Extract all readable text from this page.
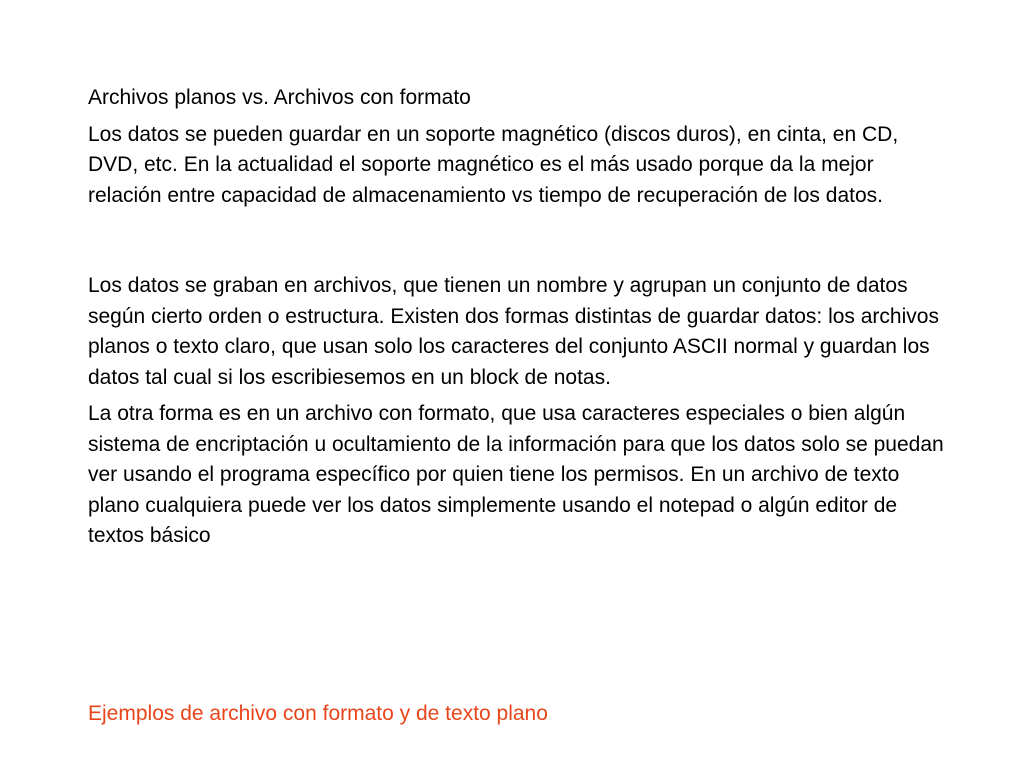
Archivos planos vs. Archivos con formato

Los datos se pueden guardar en un soporte magnético (discos duros), en cinta, en CD, DVD, etc. En la actualidad el soporte magnético es el más usado porque da la mejor relación entre capacidad de almacenamiento vs tiempo de recuperación de los datos.

Los datos se graban en archivos, que tienen un nombre y agrupan un conjunto de datos según cierto orden o estructura. Existen dos formas distintas de guardar datos: los archivos planos o texto claro, que usan solo los caracteres del conjunto ASCII normal y guardan los datos tal cual si los escribiesemos en un block de notas.

La otra forma es en un archivo con formato, que usa caracteres especiales o bien algún sistema de encriptación u ocultamiento de la información para que los datos solo se puedan ver usando el programa específico por quien tiene los permisos. En un archivo de texto plano cualquiera puede ver los datos simplemente usando el notepad o algún editor de textos básico

Ejemplos de archivo con formato y de texto plano
